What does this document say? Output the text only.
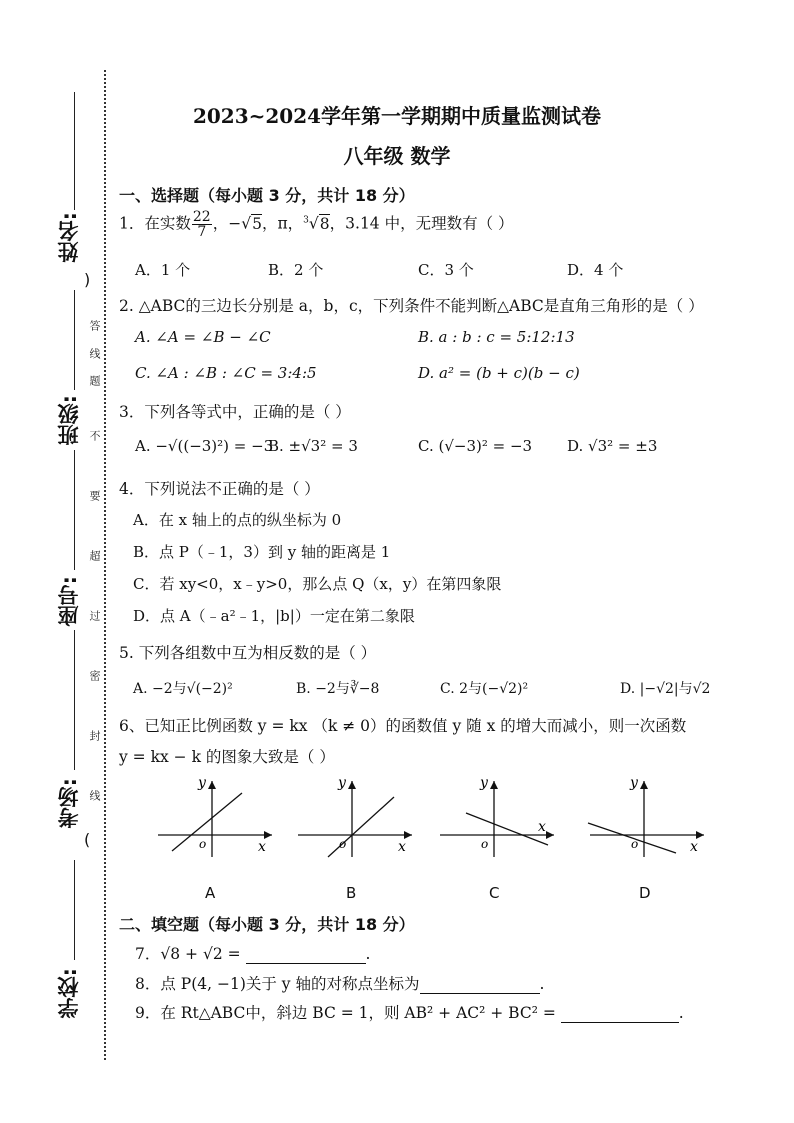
姓名:
)
班级:
座号:
考场:
(
学校:
答
线
题
不
要
超
过
密
封
线
2023~2024学年第一学期期中质量监测试卷
八年级 数学
一、选择题（每小题 3 分，共计 18 分）
1．在实数 $\frac{22}{7}$ ，−√5，π，$^3$√8，3.14 中，无理数有（ ）
A．1 个	B．2 个	C．3 个	D．4 个
2. △ABC的三边长分别是 a，b，c，下列条件不能判断△ABC是直角三角形的是（ ）
A. ∠A = ∠B − ∠C	B. a : b : c = 5:12:13
C. ∠A : ∠B : ∠C = 3:4:5	D. a² = (b + c)(b − c)
3．下列各等式中，正确的是（ ）
A. −√((−3)²) = −3
B. ±√3² = 3	C. (√−3)² = −3 D. √3² = ±3
4．下列说法不正确的是（ ）
A．在 x 轴上的点的纵坐标为 0
B．点 P（﹣1，3）到 y 轴的距离是 1
C．若 xy<0，x﹣y>0，那么点 Q（x，y）在第四象限
D．点 A（﹣a²﹣1，|b|）一定在第二象限
5. 下列各组数中互为相反数的是（ ）
A. −2与√(−2)²	B. −2与∛−8	C. 2与(−√2)²	D. |−√2|与√2
6、已知正比例函数 y = kx （k ≠ 0）的函数值 y 随 x 的增大而减小，则一次函数
y = kx − k 的图象大致是（ ）
y
x
o
y
x
o
y
x
o
y
x
o
A	B	C	D
二、填空题（每小题 3 分，共计 18 分）
7．√8 + √2 =	.
8．点 P(4, −1)关于 y 轴的对称点坐标为	.
9．在 Rt△ABC中，斜边 BC = 1，则 AB² + AC² + BC² =	.
